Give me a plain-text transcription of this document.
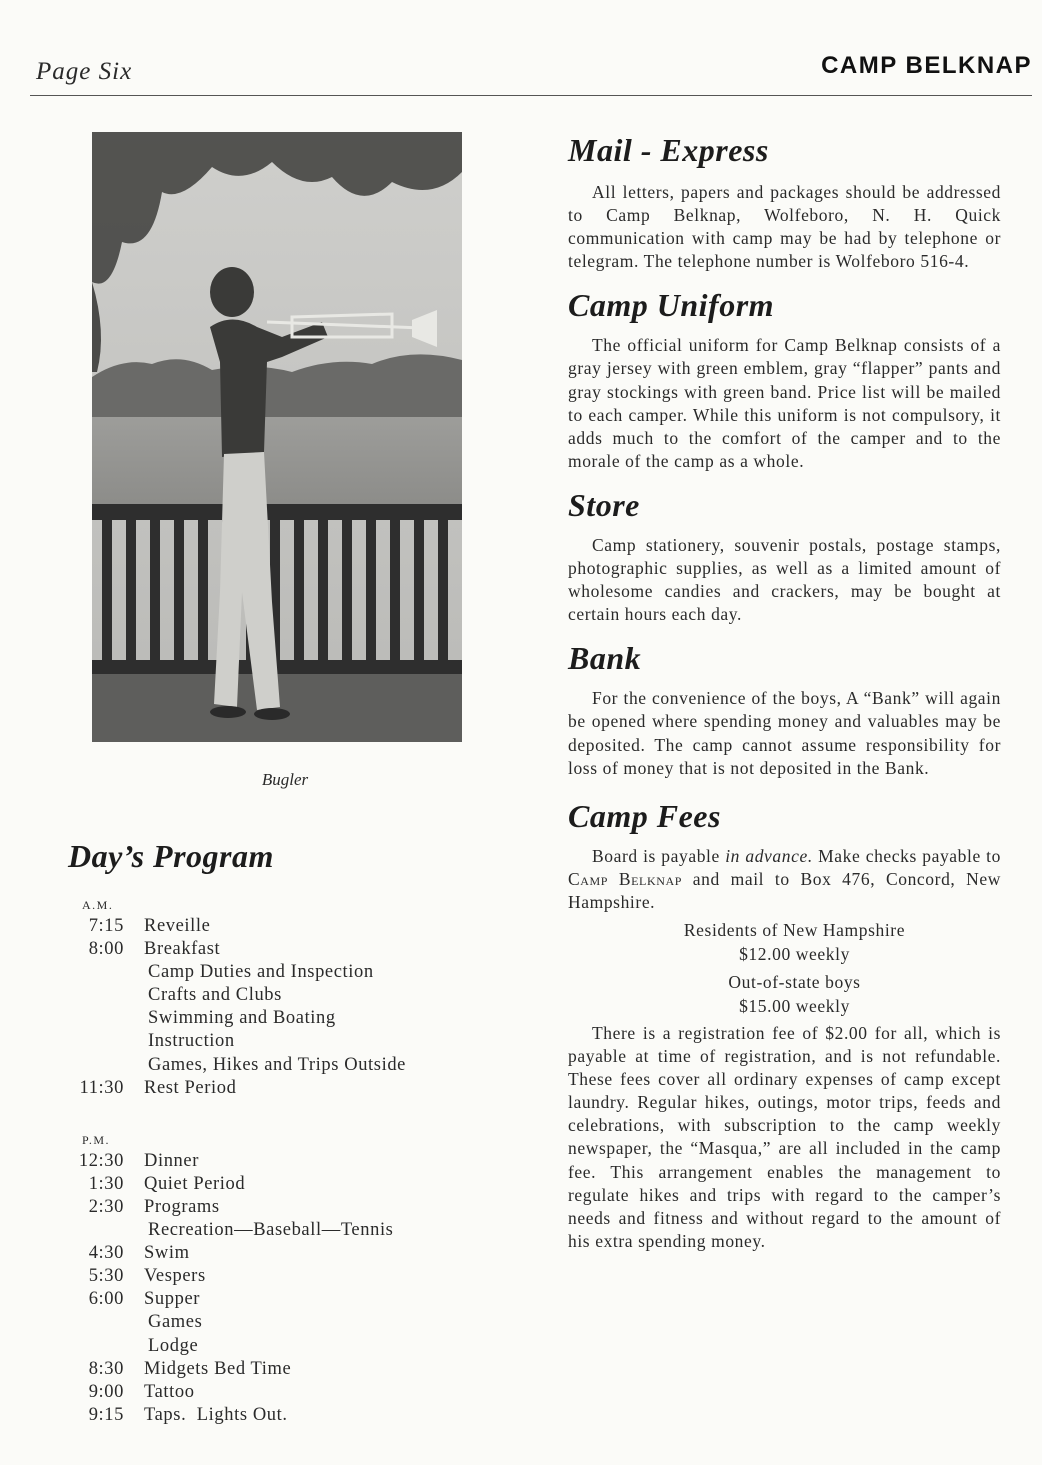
Page Six	CAMP BELKNAP
Bugler
Day’s Program
A.M.
7:15	Reveille
8:00	Breakfast
Camp Duties and Inspection
Crafts and Clubs
Swimming and Boating
Instruction
Games, Hikes and Trips Outside
11:30	Rest Period
P.M.
12:30	Dinner
1:30	Quiet Period
2:30	Programs
Recreation—Baseball—Tennis
4:30	Swim
5:30	Vespers
6:00	Supper
Games
Lodge
8:30	Midgets Bed Time
9:00	Tattoo
9:15	Taps.  Lights Out.
Mail - Express

All letters, papers and packages should be addressed to Camp Belknap, Wolfeboro, N. H. Quick communication with camp may be had by telephone or telegram. The telephone number is Wolfeboro 516-4.

Camp Uniform

The official uniform for Camp Belknap consists of a gray jersey with green emblem, gray “flapper” pants and gray stockings with green band. Price list will be mailed to each camper. While this uniform is not compulsory, it adds much to the comfort of the camper and to the morale of the camp as a whole.

Store

Camp stationery, souvenir postals, postage stamps, photographic supplies, as well as a limited amount of wholesome candies and crackers, may be bought at certain hours each day.

Bank

For the convenience of the boys, A “Bank” will again be opened where spending money and valuables may be deposited. The camp cannot assume responsibility for loss of money that is not deposited in the Bank.

Camp Fees

Board is payable in advance. Make checks payable to Camp Belknap and mail to Box 476, Concord, New Hampshire.

Residents of New Hampshire
$12.00 weekly
Out-of-state boys
$15.00 weekly

There is a registration fee of $2.00 for all, which is payable at time of registration, and is not refundable. These fees cover all ordinary expenses of camp except laundry. Regular hikes, outings, motor trips, feeds and celebrations, with subscription to the camp weekly newspaper, the “Masqua,” are all included in the camp fee. This arrangement enables the management to regulate hikes and trips with regard to the camper’s needs and fitness and without regard to the amount of his extra spending money.
